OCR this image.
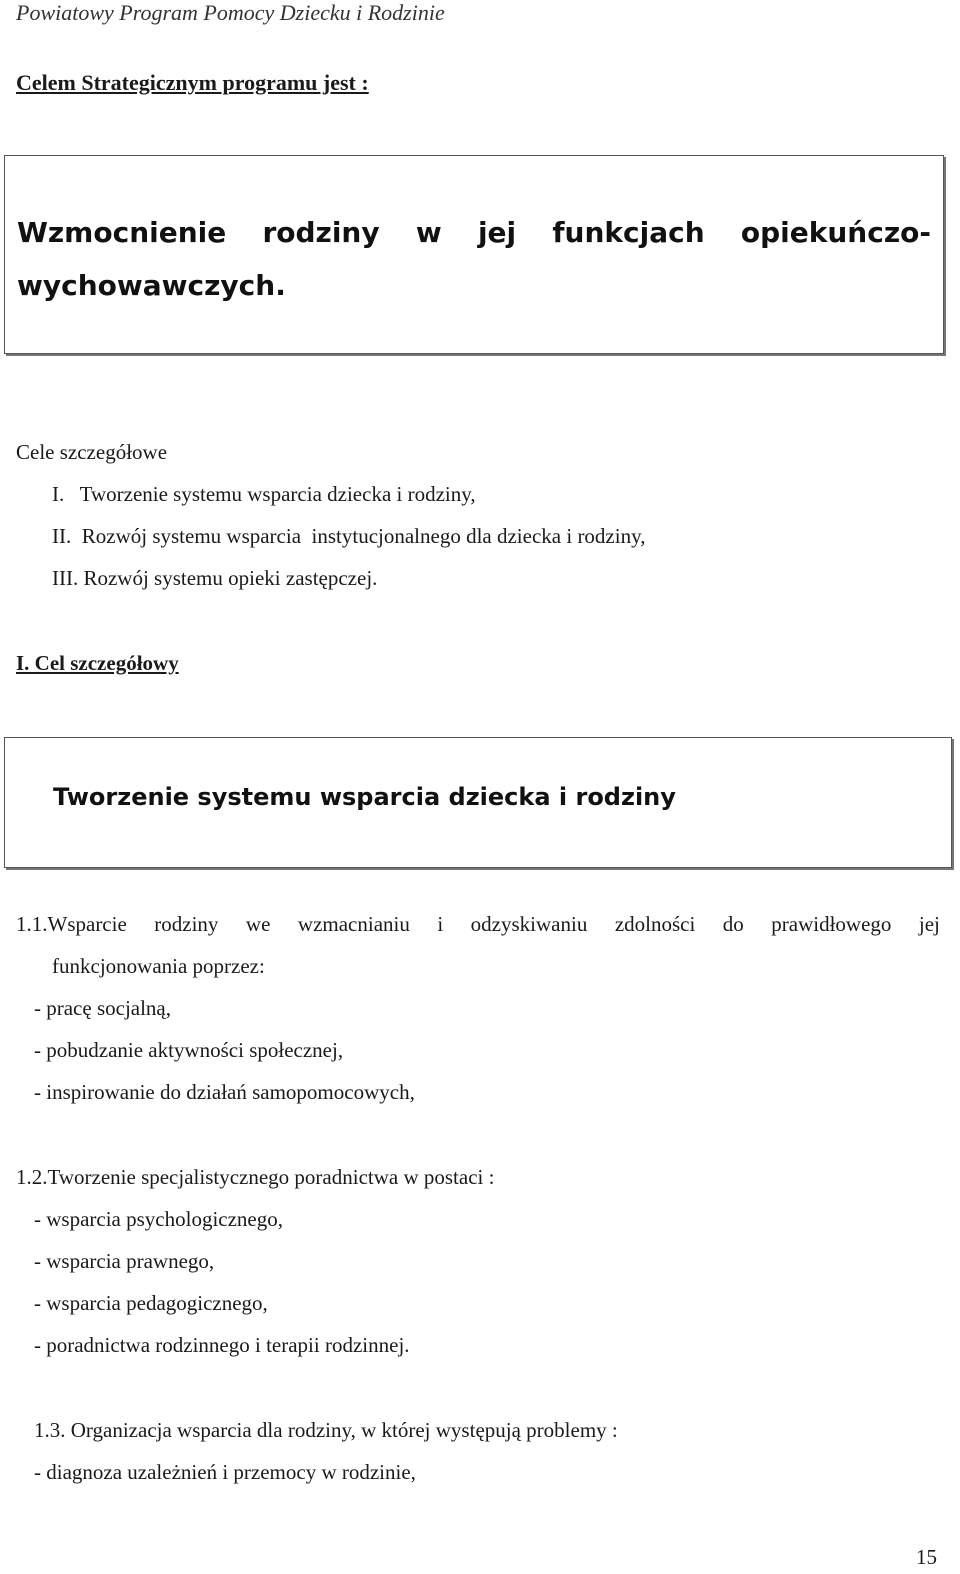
Powiatowy Program Pomocy Dziecku i Rodzinie
Celem Strategicznym programu jest :
Wzmocnienie rodziny w jej funkcjach opiekuńczo-
wychowawczych.
Cele szczegółowe
I.   Tworzenie systemu wsparcia dziecka i rodziny,
II.  Rozwój systemu wsparcia  instytucjonalnego dla dziecka i rodziny,
III. Rozwój systemu opieki zastępczej.
I. Cel szczegółowy
Tworzenie systemu wsparcia dziecka i rodziny
1.1.Wsparcie rodziny we wzmacnianiu i odzyskiwaniu zdolności do prawidłowego jej
funkcjonowania poprzez:
- pracę socjalną,
- pobudzanie aktywności społecznej,
- inspirowanie do działań samopomocowych,
1.2.Tworzenie specjalistycznego poradnictwa w postaci :
- wsparcia psychologicznego,
- wsparcia prawnego,
- wsparcia pedagogicznego,
- poradnictwa rodzinnego i terapii rodzinnej.
1.3. Organizacja wsparcia dla rodziny, w której występują problemy :
- diagnoza uzależnień i przemocy w rodzinie,
15
